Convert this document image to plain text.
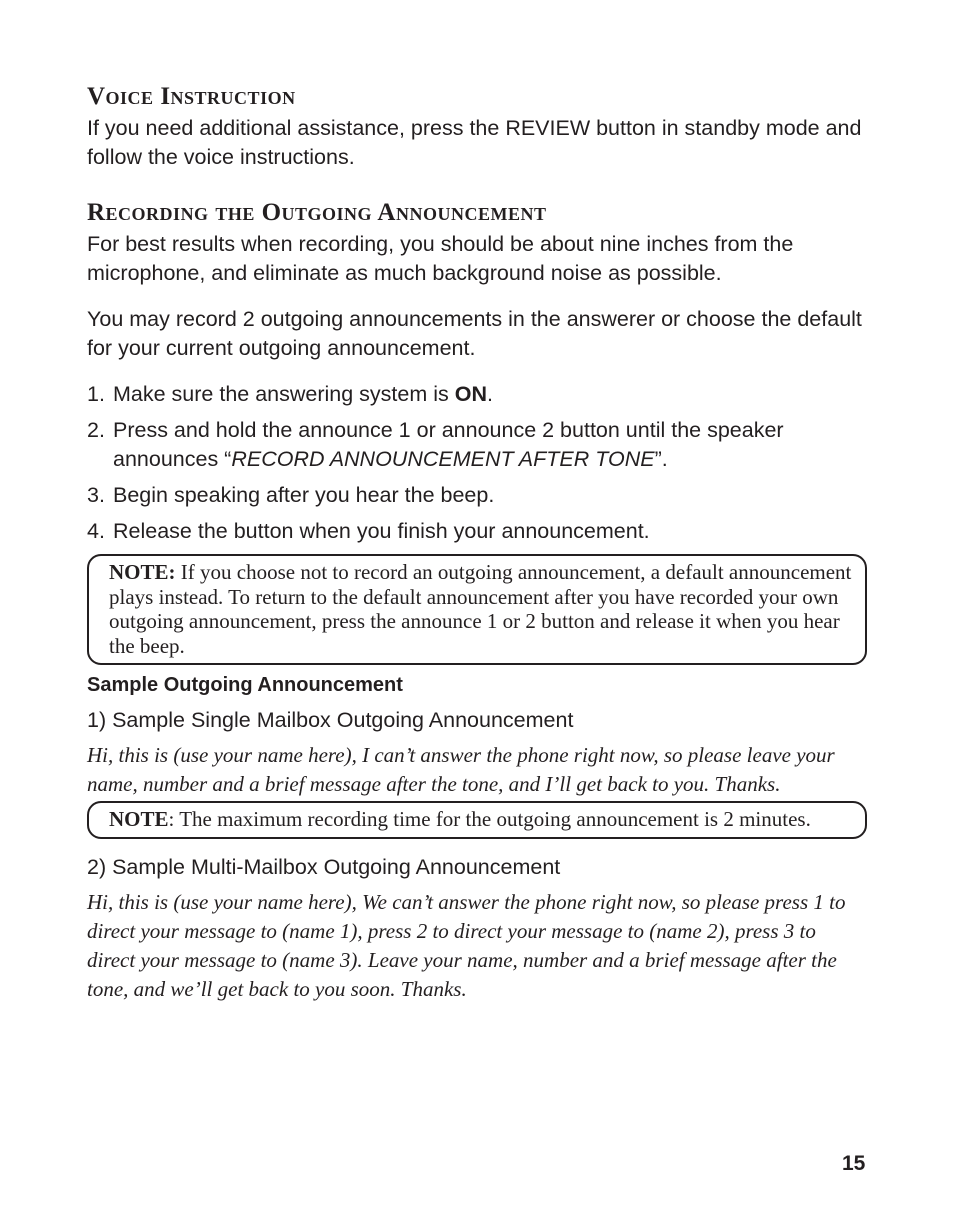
Voice Instruction

If you need additional assistance, press the REVIEW button in standby mode and follow the voice instructions.

Recording the Outgoing Announcement

For best results when recording, you should be about nine inches from the microphone, and eliminate as much background noise as possible.

You may record 2 outgoing announcements in the answerer or choose the default for your current outgoing announcement.

1. Make sure the answering system is ON.
2. Press and hold the announce 1 or announce 2 button until the speaker announces “RECORD ANNOUNCEMENT AFTER TONE”.
3. Begin speaking after you hear the beep.
4. Release the button when you finish your announcement.
NOTE: If you choose not to record an outgoing announcement, a default announcement plays instead. To return to the default announcement after you have recorded your own outgoing announcement, press the announce 1 or 2 button and release it when you hear the beep.
Sample Outgoing Announcement

1) Sample Single Mailbox Outgoing Announcement

Hi, this is (use your name here), I can’t answer the phone right now, so please leave your name, number and a brief message after the tone, and I’ll get back to you. Thanks.

NOTE: The maximum recording time for the outgoing announcement is 2 minutes.

2) Sample Multi-Mailbox Outgoing Announcement

Hi, this is (use your name here), We can’t answer the phone right now, so please press 1 to direct your message to (name 1), press 2 to direct your message to (name 2), press 3 to direct your message to (name 3). Leave your name, number and a brief message after the tone, and we’ll get back to you soon. Thanks.

15
